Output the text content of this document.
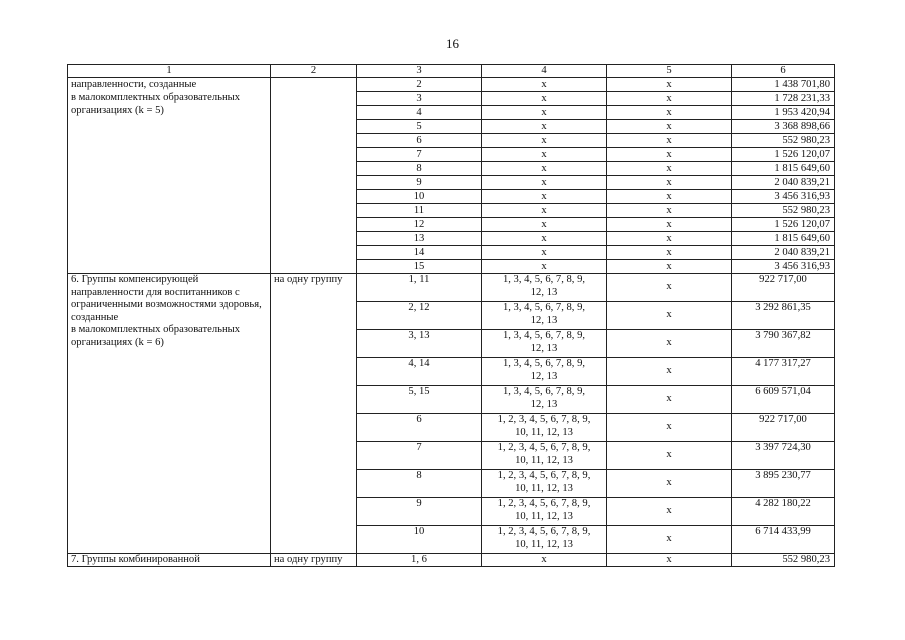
16
1	2	3	4	5	6
направленности, созданные
в малокомплектных образовательных организациях (k = 5)		2	x	x	1 438 701,80
		3	x	x	1 728 231,33
		4	x	x	1 953 420,94
		5	x	x	3 368 898,66
		6	x	x	552 980,23
		7	x	x	1 526 120,07
		8	x	x	1 815 649,60
		9	x	x	2 040 839,21
		10	x	x	3 456 316,93
		11	x	x	552 980,23
		12	x	x	1 526 120,07
		13	x	x	1 815 649,60
		14	x	x	2 040 839,21
		15	x	x	3 456 316,93
6. Группы компенсирующей направленности для воспитанников с ограниченными возможностями здоровья, созданные
в малокомплектных образовательных организациях (k = 6)	на одну группу	1, 11	1, 3, 4, 5, 6, 7, 8, 9, 12, 13	x	922 717,00
		2, 12	1, 3, 4, 5, 6, 7, 8, 9, 12, 13	x	3 292 861,35
		3, 13	1, 3, 4, 5, 6, 7, 8, 9, 12, 13	x	3 790 367,82
		4, 14	1, 3, 4, 5, 6, 7, 8, 9, 12, 13	x	4 177 317,27
		5, 15	1, 3, 4, 5, 6, 7, 8, 9, 12, 13	x	6 609 571,04
		6	1, 2, 3, 4, 5, 6, 7, 8, 9, 10, 11, 12, 13	x	922 717,00
		7	1, 2, 3, 4, 5, 6, 7, 8, 9, 10, 11, 12, 13	x	3 397 724,30
		8	1, 2, 3, 4, 5, 6, 7, 8, 9, 10, 11, 12, 13	x	3 895 230,77
		9	1, 2, 3, 4, 5, 6, 7, 8, 9, 10, 11, 12, 13	x	4 282 180,22
		10	1, 2, 3, 4, 5, 6, 7, 8, 9, 10, 11, 12, 13	x	6 714 433,99
7. Группы комбинированной	на одну группу	1, 6	x	x	552 980,23
